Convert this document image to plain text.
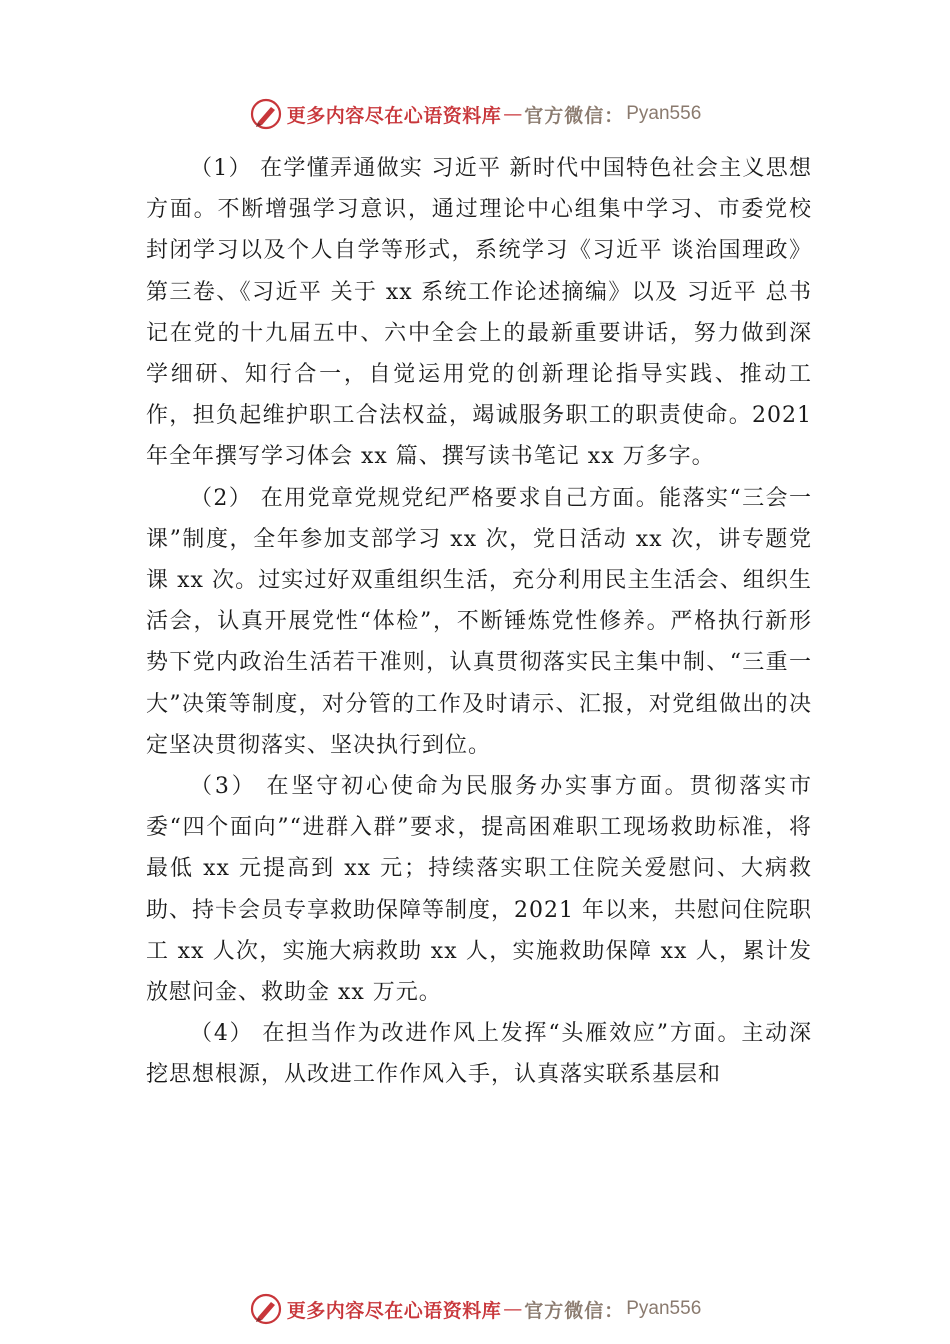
更多内容尽在心语资料库 — 官方微信： Pyan556

（1） 在学懂弄通做实 习近平 新时代中国特色社会主义思想方面。不断增强学习意识，通过理论中心组集中学习、市委党校封闭学习以及个人自学等形式，系统学习《习近平 谈治国理政》第三卷、《习近平 关于 xx 系统工作论述摘编》以及 习近平 总书记在党的十九届五中、六中全会上的最新重要讲话，努力做到深学细研、知行合一，自觉运用党的创新理论指导实践、推动工作，担负起维护职工合法权益，竭诚服务职工的职责使命。2021 年全年撰写学习体会 xx 篇、撰写读书笔记 xx 万多字。

（2） 在用党章党规党纪严格要求自己方面。能落实“三会一课”制度，全年参加支部学习 xx 次，党日活动 xx 次，讲专题党课 xx 次。过实过好双重组织生活，充分利用民主生活会、组织生活会，认真开展党性“体检”，不断锤炼党性修养。严格执行新形势下党内政治生活若干准则，认真贯彻落实民主集中制、“三重一大”决策等制度，对分管的工作及时请示、汇报，对党组做出的决定坚决贯彻落实、坚决执行到位。

（3） 在坚守初心使命为民服务办实事方面。贯彻落实市委“四个面向”“进群入群”要求，提高困难职工现场救助标准，将最低 xx 元提高到 xx 元；持续落实职工住院关爱慰问、大病救助、持卡会员专享救助保障等制度，2021 年以来，共慰问住院职工 xx 人次，实施大病救助 xx 人，实施救助保障 xx 人，累计发放慰问金、救助金 xx 万元。

（4） 在担当作为改进作风上发挥“头雁效应”方面。主动深挖思想根源，从改进工作作风入手，认真落实联系基层和

更多内容尽在心语资料库 — 官方微信： Pyan556
